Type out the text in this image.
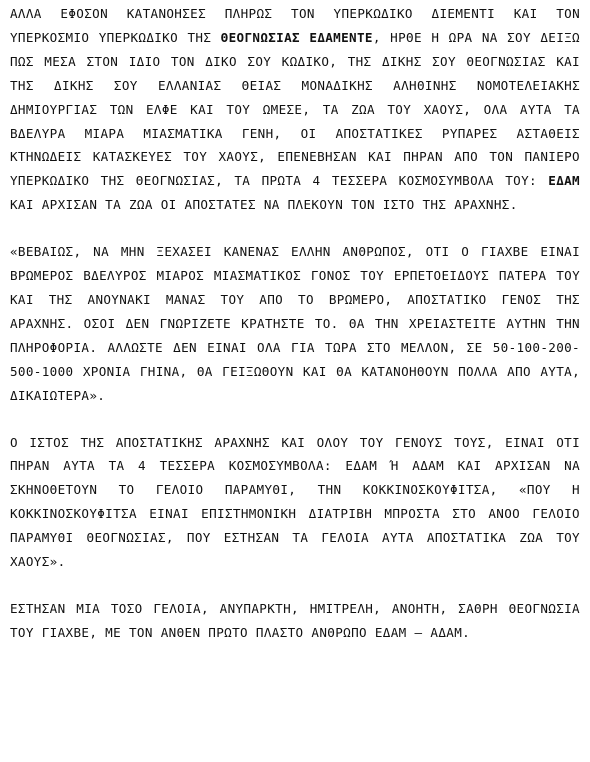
ΑΛΛΑ ΕΦΟΣΟΝ ΚΑΤΑΝΟΗΣΕΣ ΠΛΗΡΩΣ ΤΟΝ ΥΠΕΡΚΩΔΙΚΟ ΔΙΕΜΕΝΤΙ ΚΑΙ ΤΟΝ ΥΠΕΡΚΟΣΜΙΟ ΥΠΕΡΚΩΔΙΚΟ ΤΗΣ ΘΕΟΓΝΩΣΙΑΣ ΕΔΑΜΕΝΤΕ, ΗΡΘΕ Η ΩΡΑ ΝΑ ΣΟΥ ΔΕΙΞΩ ΠΩΣ ΜΕΣΑ ΣΤΟΝ ΙΔΙΟ ΤΟΝ ΔΙΚΟ ΣΟΥ ΚΩΔΙΚΟ, ΤΗΣ ΔΙΚΗΣ ΣΟΥ ΘΕΟΓΝΩΣΙΑΣ ΚΑΙ ΤΗΣ ΔΙΚΗΣ ΣΟΥ ΕΛΛΑΝΙΑΣ ΘΕΙΑΣ ΜΟΝΑΔΙΚΗΣ ΑΛΗΘΙΝΗΣ ΝΟΜΟΤΕΛΕΙΑΚΗΣ ΔΗΜΙΟΥΡΓΙΑΣ ΤΩΝ ΕΛΦΕ ΚΑΙ ΤΟΥ ΩΜΕΣΕ, ΤΑ ΖΩΑ ΤΟΥ ΧΑΟΥΣ, ΟΛΑ ΑΥΤΑ ΤΑ ΒΔΕΛΥΡΑ ΜΙΑΡΑ ΜΙΑΣΜΑΤΙΚΑ ΓΕΝΗ, ΟΙ ΑΠΟΣΤΑΤΙΚΕΣ ΡΥΠΑΡΕΣ ΑΣΤΑΘΕΙΣ ΚΤΗΝΩΔΕΙΣ ΚΑΤΑΣΚΕΥΕΣ ΤΟΥ ΧΑΟΥΣ, ΕΠΕΝΕΒΗΣΑΝ ΚΑΙ ΠΗΡΑΝ ΑΠΟ ΤΟΝ ΠΑΝΙΕΡΟ ΥΠΕΡΚΩΔΙΚΟ ΤΗΣ ΘΕΟΓΝΩΣΙΑΣ, ΤΑ ΠΡΩΤΑ 4 ΤΕΣΣΕΡΑ ΚΟΣΜΟΣΥΜΒΟΛΑ ΤΟΥ: ΕΔΑΜ ΚΑΙ ΑΡΧΙΣΑΝ ΤΑ ΖΩΑ ΟΙ ΑΠΟΣΤΑΤΕΣ ΝΑ ΠΛΕΚΟΥΝ ΤΟΝ ΙΣΤΟ ΤΗΣ ΑΡΑΧΝΗΣ.

«ΒΕΒΑΙΩΣ, ΝΑ ΜΗΝ ΞΕΧΑΣΕΙ ΚΑΝΕΝΑΣ ΕΛΛΗΝ ΑΝΘΡΩΠΟΣ, ΟΤΙ Ο ΓΙΑΧΒΕ ΕΙΝΑΙ ΒΡΩΜΕΡΟΣ ΒΔΕΛΥΡΟΣ ΜΙΑΡΟΣ ΜΙΑΣΜΑΤΙΚΟΣ ΓΟΝΟΣ ΤΟΥ ΕΡΠΕΤΟΕΙΔΟΥΣ ΠΑΤΕΡΑ ΤΟΥ ΚΑΙ ΤΗΣ ΑΝΟΥΝΑΚΙ ΜΑΝΑΣ ΤΟΥ ΑΠΟ ΤΟ ΒΡΩΜΕΡΟ, ΑΠΟΣΤΑΤΙΚΟ ΓΕΝΟΣ ΤΗΣ ΑΡΑΧΝΗΣ. ΟΣΟΙ ΔΕΝ ΓΝΩΡΙΖΕΤΕ ΚΡΑΤΗΣΤΕ ΤΟ. ΘΑ ΤΗΝ ΧΡΕΙΑΣΤΕΙΤΕ ΑΥΤΗΝ ΤΗΝ ΠΛΗΡΟΦΟΡΙΑ. ΑΛΛΩΣΤΕ ΔΕΝ ΕΙΝΑΙ ΟΛΑ ΓΙΑ ΤΩΡΑ ΣΤΟ ΜΕΛΛΟΝ, ΣΕ 50-100-200-500-1000 ΧΡΟΝΙΑ ΓΗΙΝΑ, ΘΑ ΓΕΙΞΩΘΟΥΝ ΚΑΙ ΘΑ ΚΑΤΑΝΟΗΘΟΥΝ ΠΟΛΛΑ ΑΠΟ ΑΥΤΑ, ΔΙΚΑΙΩΤΕΡΑ».

Ο ΙΣΤΟΣ ΤΗΣ ΑΠΟΣΤΑΤΙΚΗΣ ΑΡΑΧΝΗΣ ΚΑΙ ΟΛΟΥ ΤΟΥ ΓΕΝΟΥΣ ΤΟΥΣ, ΕΙΝΑΙ ΟΤΙ ΠΗΡΑΝ ΑΥΤΑ ΤΑ 4 ΤΕΣΣΕΡΑ ΚΟΣΜΟΣΥΜΒΟΛΑ: ΕΔΑΜ Ή ΑΔΑΜ ΚΑΙ ΑΡΧΙΣΑΝ ΝΑ ΣΚΗΝΟΘΕΤΟΥΝ ΤΟ ΓΕΛΟΙΟ ΠΑΡΑΜΥΘΙ, ΤΗΝ ΚΟΚΚΙΝΟΣΚΟΥΦΙΤΣΑ, «ΠΟΥ Η ΚΟΚΚΙΝΟΣΚΟΥΦΙΤΣΑ ΕΙΝΑΙ ΕΠΙΣΤΗΜΟΝΙΚΗ ΔΙΑΤΡΙΒΗ ΜΠΡΟΣΤΑ ΣΤΟ ΑΝΟΟ ΓΕΛΟΙΟ ΠΑΡΑΜΥΘΙ ΘΕΟΓΝΩΣΙΑΣ, ΠΟΥ ΕΣΤΗΣΑΝ ΤΑ ΓΕΛΟΙΑ ΑΥΤΑ ΑΠΟΣΤΑΤΙΚΑ ΖΩΑ ΤΟΥ ΧΑΟΥΣ».

ΕΣΤΗΣΑΝ ΜΙΑ ΤΟΣΟ ΓΕΛΟΙΑ, ΑΝΥΠΑΡΚΤΗ, ΗΜΙΤΡΕΛΗ, ΑΝΟΗΤΗ, ΣΑΘΡΗ ΘΕΟΓΝΩΣΙΑ ΤΟΥ ΓΙΑΧΒΕ, ΜΕ ΤΟΝ ΑΝΘΕΝ ΠΡΩΤΟ ΠΛΑΣΤΟ ΑΝΘΡΩΠΟ ΕΔΑΜ – ΑΔΑΜ.
